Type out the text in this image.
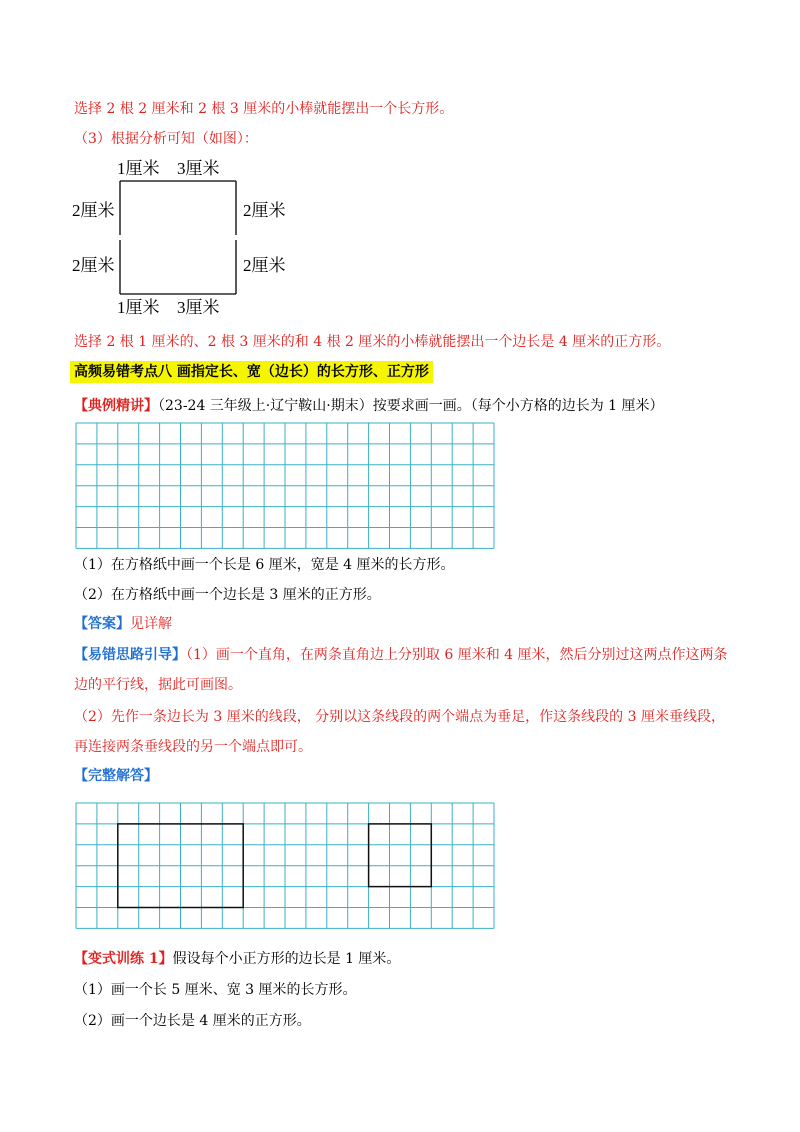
选择 2 根 2 厘米和 2 根 3 厘米的小棒就能摆出一个长方形。
（3）根据分析可知（如图）：
1厘米 3厘米
2厘米
2厘米
2厘米
2厘米
1厘米 3厘米
选择 2 根 1 厘米的、2 根 3 厘米的和 4 根 2 厘米的小棒就能摆出一个边长是 4 厘米的正方形。
高频易错考点八 画指定长、宽（边长）的长方形、正方形
【典例精讲】（23-24 三年级上·辽宁鞍山·期末）按要求画一画。（每个小方格的边长为 1 厘米）
（1）在方格纸中画一个长是 6 厘米，宽是 4 厘米的长方形。
（2）在方格纸中画一个边长是 3 厘米的正方形。
【答案】见详解
【易错思路引导】（1）画一个直角，在两条直角边上分别取 6 厘米和 4 厘米，然后分别过这两点作这两条
边的平行线，据此可画图。
（2）先作一条边长为 3 厘米的线段， 分别以这条线段的两个端点为垂足，作这条线段的 3 厘米垂线段，
再连接两条垂线段的另一个端点即可。
【完整解答】
【变式训练 1】假设每个小正方形的边长是 1 厘米。
（1）画一个长 5 厘米、宽 3 厘米的长方形。
（2）画一个边长是 4 厘米的正方形。
